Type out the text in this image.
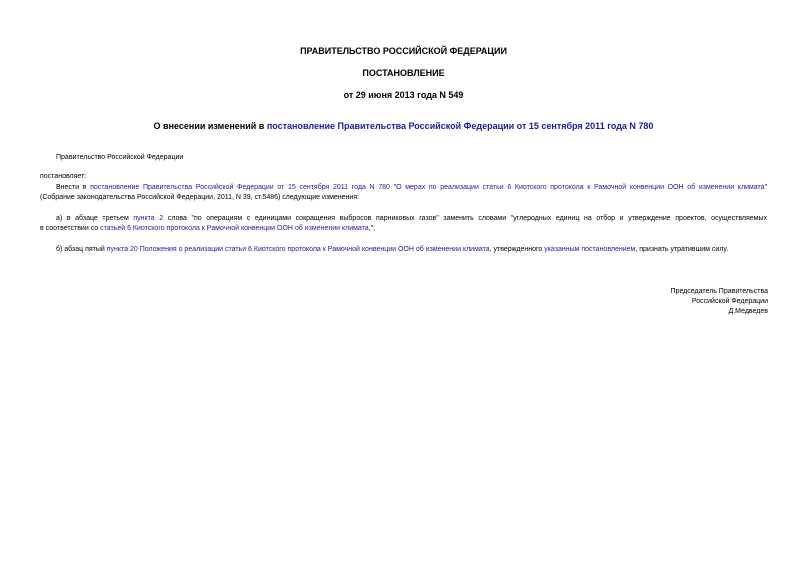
ПРАВИТЕЛЬСТВО РОССИЙСКОЙ ФЕДЕРАЦИИ
ПОСТАНОВЛЕНИЕ
от 29 июня 2013 года N 549
О внесении изменений в постановление Правительства Российской Федерации от 15 сентября 2011 года N 780
Правительство Российской Федерации
постановляет:
Внести в постановление Правительства Российской Федерации от 15 сентября 2011 года N 780 "О мерах по реализации статьи 6 Киотского протокола к Рамочной конвенции ООН об изменении климата"
(Собрание законодательства Российской Федерации, 2011, N 39, ст.5486) следующие изменения:
а) в абзаце третьем пункта 2 слова "по операциям с единицами сокращения выбросов парниковых газов" заменить словами "углеродных единиц на отбор и утверждение проектов, осуществляемых
в соответствии со статьей 6 Киотского протокола к Рамочной конвенции ООН об изменении климата,";
б) абзац пятый пункта 20 Положения о реализации статьи 6 Киотского протокола к Рамочной конвенции ООН об изменении климата, утвержденного указанным постановлением, признать утратившим силу.
Председатель Правительства
Российской Федерации
Д.Медведев
